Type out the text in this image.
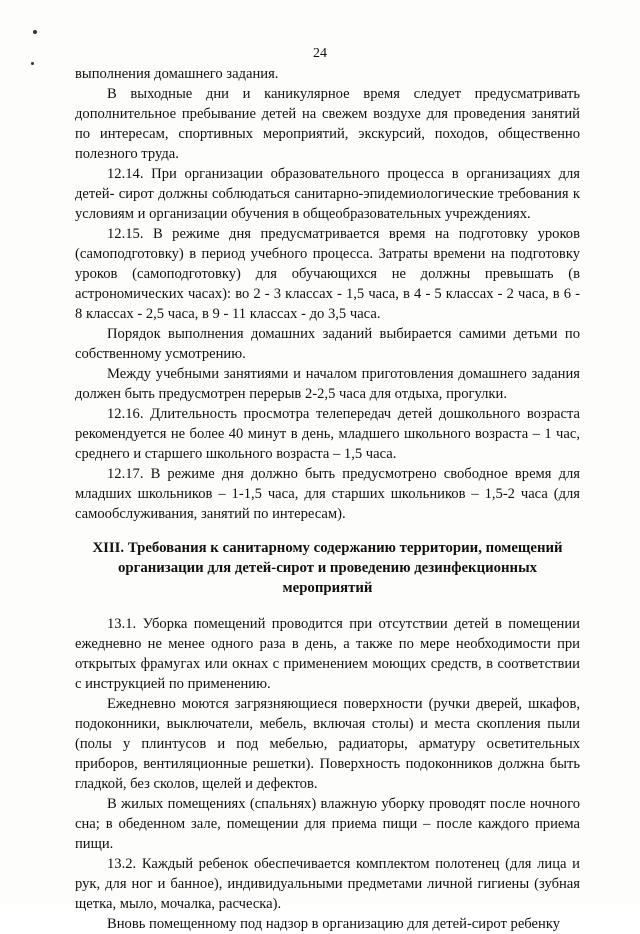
24

выполнения домашнего задания.

В выходные дни и каникулярное время следует предусматривать дополнительное пребывание детей на свежем воздухе для проведения занятий по интересам, спортивных мероприятий, экскурсий, походов, общественно полезного труда.

12.14. При организации образовательного процесса в организациях для детей- сирот должны соблюдаться санитарно-эпидемиологические требования к условиям и организации обучения в общеобразовательных учреждениях.

12.15. В режиме дня предусматривается время на подготовку уроков (самоподготовку) в период учебного процесса. Затраты времени на подготовку уроков (самоподготовку) для обучающихся не должны превышать (в астрономических часах): во 2 - 3 классах - 1,5 часа, в 4 - 5 классах - 2 часа, в 6 - 8 классах - 2,5 часа, в 9 - 11 классах - до 3,5 часа.

Порядок выполнения домашних заданий выбирается самими детьми по собственному усмотрению.

Между учебными занятиями и началом приготовления домашнего задания должен быть предусмотрен перерыв 2-2,5 часа для отдыха, прогулки.

12.16. Длительность просмотра телепередач детей дошкольного возраста рекомендуется не более 40 минут в день, младшего школьного возраста – 1 час, среднего и старшего школьного возраста – 1,5 часа.

12.17. В режиме дня должно быть предусмотрено свободное время для младших школьников – 1-1,5 часа, для старших школьников – 1,5-2 часа (для самообслуживания, занятий по интересам).

XIII. Требования к санитарному содержанию территории, помещений организации для детей-сирот и проведению дезинфекционных мероприятий

13.1. Уборка помещений проводится при отсутствии детей в помещении ежедневно не менее одного раза в день, а также по мере необходимости при открытых фрамугах или окнах с применением моющих средств, в соответствии с инструкцией по применению.

Ежедневно моются загрязняющиеся поверхности (ручки дверей, шкафов, подоконники, выключатели, мебель, включая столы) и места скопления пыли (полы у плинтусов и под мебелью, радиаторы, арматуру осветительных приборов, вентиляционные решетки). Поверхность подоконников должна быть гладкой, без сколов, щелей и дефектов.

В жилых помещениях (спальнях) влажную уборку проводят после ночного сна; в обеденном зале, помещении для приема пищи – после каждого приема пищи.

13.2. Каждый ребенок обеспечивается комплектом полотенец (для лица и рук, для ног и банное), индивидуальными предметами личной гигиены (зубная щетка, мыло, мочалка, расческа).

Вновь помещенному под надзор в организацию для детей-сирот ребенку
